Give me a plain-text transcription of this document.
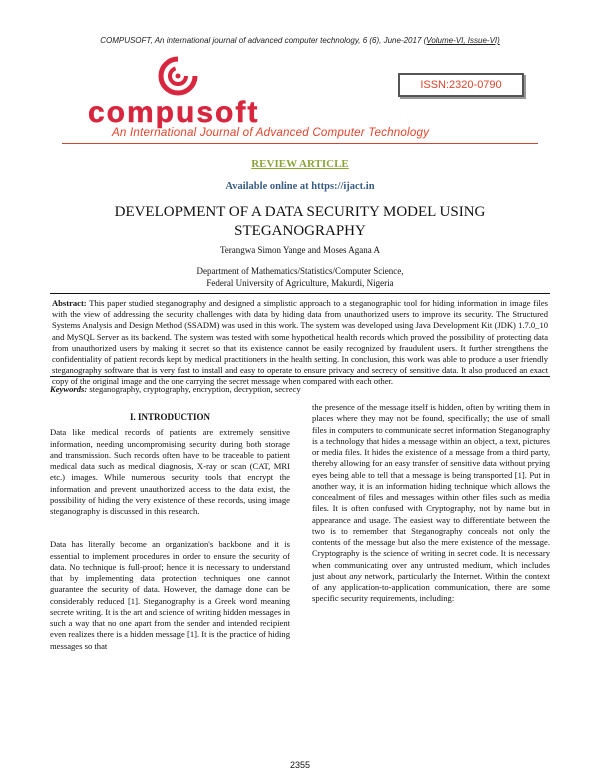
COMPUSOFT, An international journal of advanced computer technology, 6 (6), June-2017 (Volume-VI, Issue-VI)
compusoft
ISSN:2320-0790
An International Journal of Advanced Computer Technology
REVIEW ARTICLE
Available online at https://ijact.in
DEVELOPMENT OF A DATA SECURITY MODEL USING STEGANOGRAPHY
Terangwa Simon Yange and Moses Agana A
Department of Mathematics/Statistics/Computer Science,
Federal University of Agriculture, Makurdi, Nigeria
Abstract: This paper studied steganography and designed a simplistic approach to a steganographic tool for hiding information in image files with the view of addressing the security challenges with data by hiding data from unauthorized users to improve its security. The Structured Systems Analysis and Design Method (SSADM) was used in this work. The system was developed using Java Development Kit (JDK) 1.7.0_10 and MySQL Server as its backend. The system was tested with some hypothetical health records which proved the possibility of protecting data from unauthorized users by making it secret so that its existence cannot be easily recognized by fraudulent users. It further strengthens the confidentiality of patient records kept by medical practitioners in the health setting. In conclusion, this work was able to produce a user friendly steganography software that is very fast to install and easy to operate to ensure privacy and secrecy of sensitive data. It also produced an exact copy of the original image and the one carrying the secret message when compared with each other.
Keywords: steganography, cryptography, encryption, decryption, secrecy
I. INTRODUCTION

Data like medical records of patients are extremely sensitive information, needing uncompromising security during both storage and transmission. Such records often have to be traceable to patient medical data such as medical diagnosis, X-ray or scan (CAT, MRI etc.) images. While numerous security tools that encrypt the information and prevent unauthorized access to the data exist, the possibility of hiding the very existence of these records, using image steganography is discussed in this research.

Data has literally become an organization's backbone and it is essential to implement procedures in order to ensure the security of data. No technique is full-proof; hence it is necessary to understand that by implementing data protection techniques one cannot guarantee the security of data. However, the damage done can be considerably reduced [1]. Steganography is a Greek word meaning secrete writing. It is the art and science of writing hidden messages in such a way that no one apart from the sender and intended recipient even realizes there is a hidden message [1]. It is the practice of hiding messages so that

the presence of the message itself is hidden, often by writing them in places where they may not be found, specifically; the use of small files in computers to communicate secret information Steganography is a technology that hides a message within an object, a text, pictures or media files. It hides the existence of a message from a third party, thereby allowing for an easy transfer of sensitive data without prying eyes being able to tell that a message is being transported [1]. Put in another way, it is an information hiding technique which allows the concealment of files and messages within other files such as media files. It is often confused with Cryptography, not by name but in appearance and usage. The easiest way to differentiate between the two is to remember that Steganography conceals not only the contents of the message but also the mere existence of the message. Cryptography is the science of writing in secret code. It is necessary when communicating over any untrusted medium, which includes just about any network, particularly the Internet. Within the context of any application-to-application communication, there are some specific security requirements, including:

2355
